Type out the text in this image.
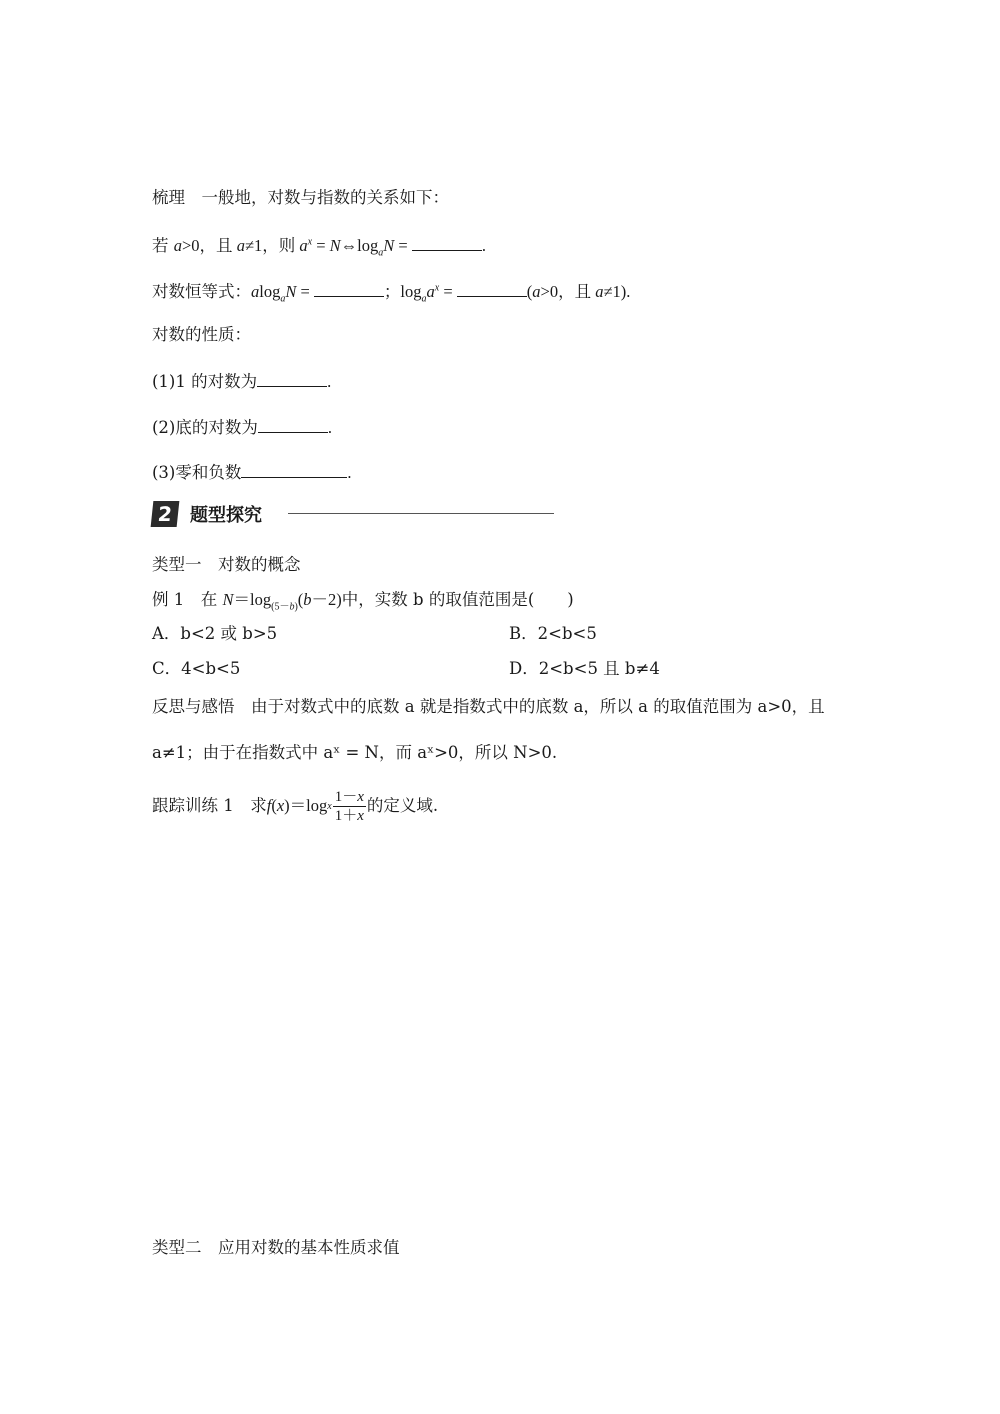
梳理　一般地，对数与指数的关系如下：
若 a>0，且 a≠1，则 $a^x$ = $N\Leftrightarrow\log_aN$ =	.
对数恒等式：alog$_a$N =	；$\log_aa^x$ =	(a>0，且 a≠1).
对数的性质：
(1)1 的对数为	.
(2)底的对数为	.
(3)零和负数	.
2 题型探究
类型一　对数的概念
例 1　在 $N=\log_{(5-b)}(b-2)$中，实数 b 的取值范围是(　　)
A．b<2 或 b>5	B．2<b<5
C．4<b<5	D．2<b<5 且 b≠4
反思与感悟　 由于对数式中的底数 a 就是指数式中的底数 a，所以 a 的取值范围为 a>0，且
a≠1；由于在指数式中 aˣ = N，而 aˣ>0，所以 N>0.
跟踪训练 1 　求 f ( x )＝log x $\frac{1-x}{1+x}$ 的定义域.
类型二　应用对数的基本性质求值
